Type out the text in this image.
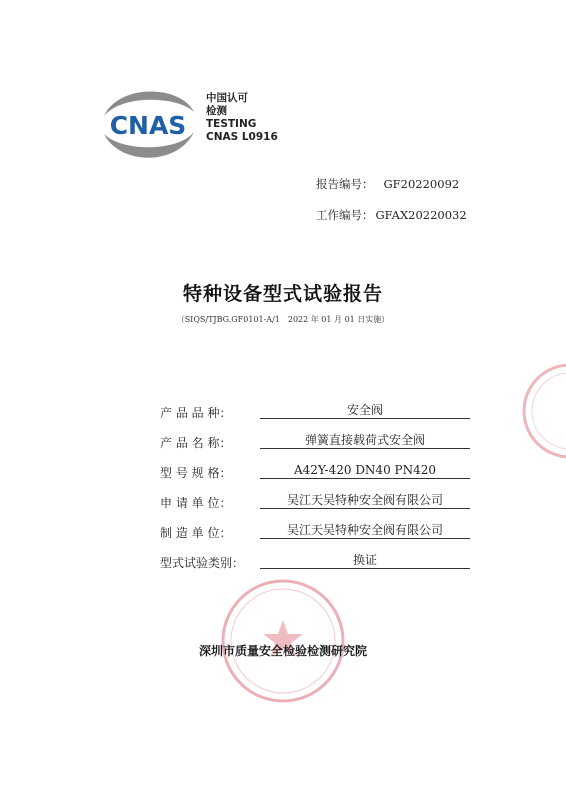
CNAS
中国认可
检测
TESTING
CNAS L0916
报告编号： GF20220092
工作编号： GFAX20220032
特种设备型式试验报告
（SIQS/TJBG.GF0101-A/1　2022 年 01 月 01 日实施）
产 品 品 种：	安全阀
产 品 名 称：	弹簧直接载荷式安全阀
型 号 规 格：	A42Y-420 DN40 PN420
申 请 单 位：	吴江天吴特种安全阀有限公司
制 造 单 位：	吴江天吴特种安全阀有限公司
型式试验类别：	换证
深圳市质量安全检验检测研究院
